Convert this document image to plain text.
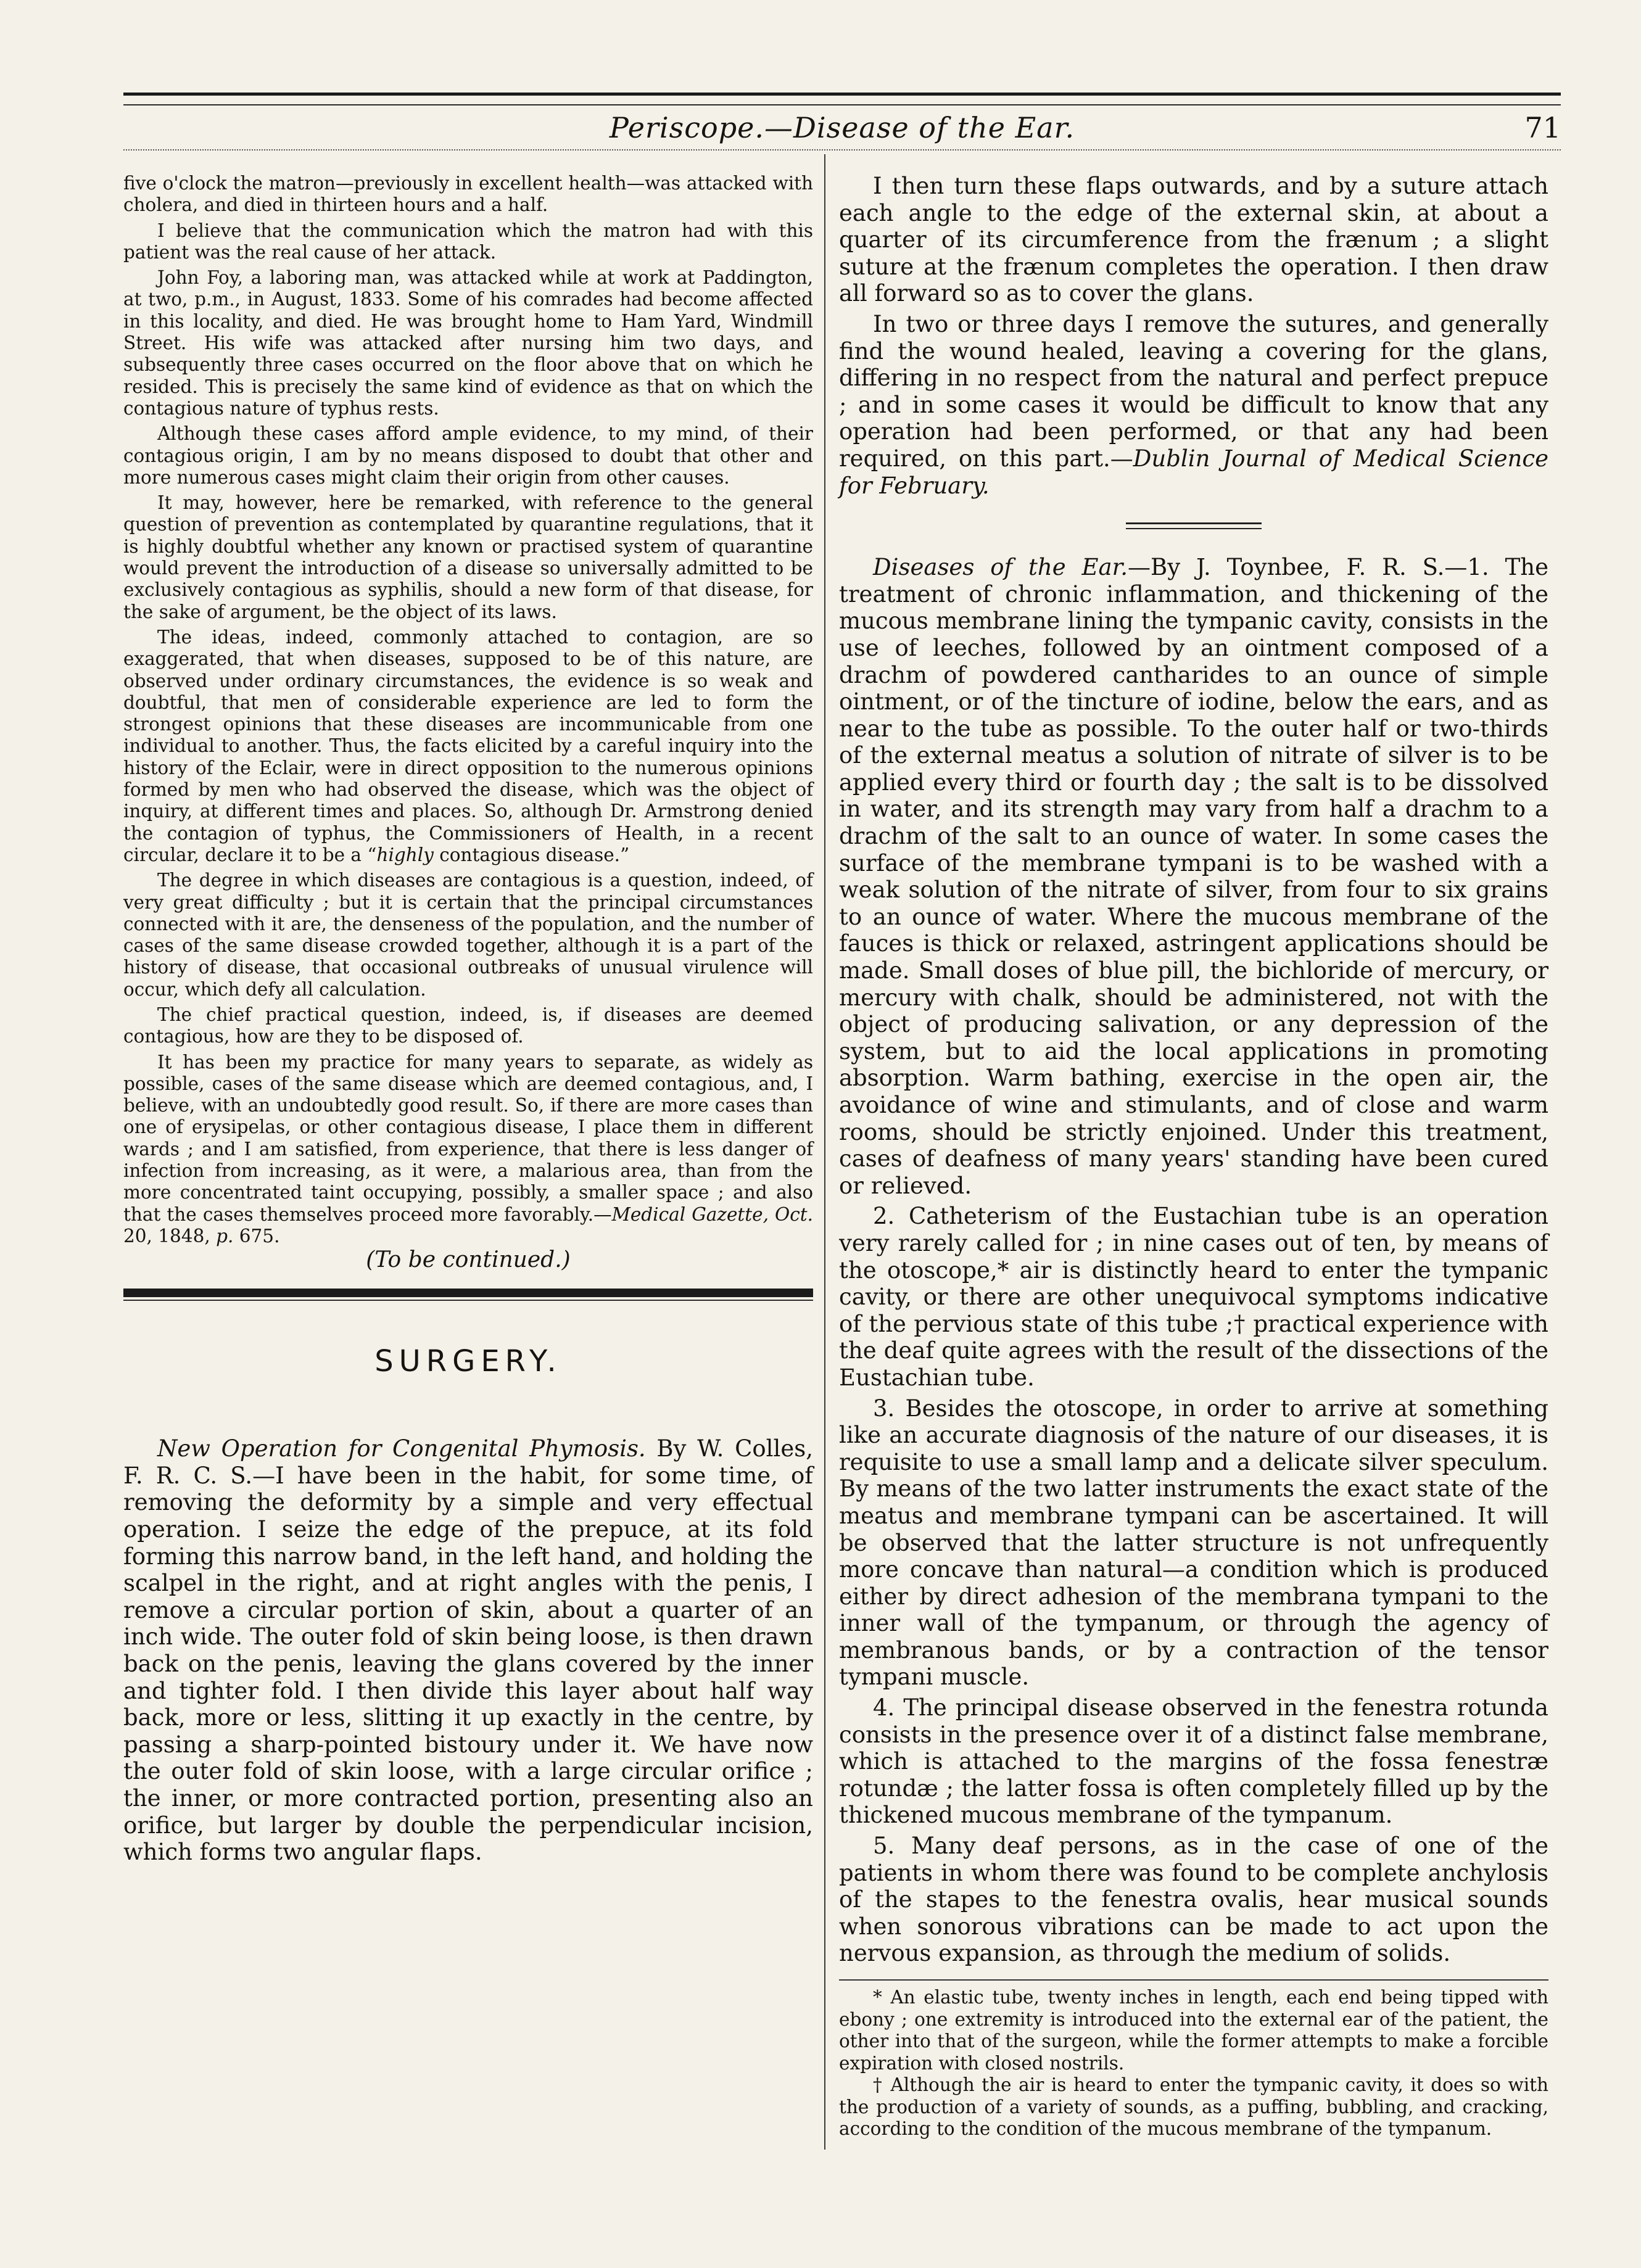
Periscope.—Disease of the Ear.	71

five o'clock the matron—previously in excellent health—was attacked with cholera, and died in thirteen hours and a half.

I believe that the communication which the matron had with this patient was the real cause of her attack.

John Foy, a laboring man, was attacked while at work at Paddington, at two, p.m., in August, 1833. Some of his comrades had become affected in this locality, and died. He was brought home to Ham Yard, Windmill Street. His wife was attacked after nursing him two days, and subsequently three cases occurred on the floor above that on which he resided. This is precisely the same kind of evidence as that on which the contagious nature of typhus rests.

Although these cases afford ample evidence, to my mind, of their contagious origin, I am by no means disposed to doubt that other and more numerous cases might claim their origin from other causes.

It may, however, here be remarked, with reference to the general question of prevention as contemplated by quarantine regulations, that it is highly doubtful whether any known or practised system of quarantine would prevent the introduction of a disease so universally admitted to be exclusively contagious as syphilis, should a new form of that disease, for the sake of argument, be the object of its laws.

The ideas, indeed, commonly attached to contagion, are so exaggerated, that when diseases, supposed to be of this nature, are observed under ordinary circumstances, the evidence is so weak and doubtful, that men of considerable experience are led to form the strongest opinions that these diseases are incommunicable from one individual to another. Thus, the facts elicited by a careful inquiry into the history of the Eclair, were in direct opposition to the numerous opinions formed by men who had observed the disease, which was the object of inquiry, at different times and places. So, although Dr. Armstrong denied the contagion of typhus, the Commissioners of Health, in a recent circular, declare it to be a “highly contagious disease.”

The degree in which diseases are contagious is a question, indeed, of very great difficulty ; but it is certain that the principal circumstances connected with it are, the denseness of the population, and the number of cases of the same disease crowded together, although it is a part of the history of disease, that occasional outbreaks of unusual virulence will occur, which defy all calculation.

The chief practical question, indeed, is, if diseases are deemed contagious, how are they to be disposed of.

It has been my practice for many years to separate, as widely as possible, cases of the same disease which are deemed contagious, and, I believe, with an undoubtedly good result. So, if there are more cases than one of erysipelas, or other contagious disease, I place them in different wards ; and I am satisfied, from experience, that there is less danger of infection from increasing, as it were, a malarious area, than from the more concentrated taint occupying, possibly, a smaller space ; and also that the cases themselves proceed more favorably.—Medical Gazette, Oct. 20, 1848, p. 675.

(To be continued.)

SURGERY.

New Operation for Congenital Phymosis. By W. Colles, F. R. C. S.—I have been in the habit, for some time, of removing the deformity by a simple and very effectual operation. I seize the edge of the prepuce, at its fold forming this narrow band, in the left hand, and holding the scalpel in the right, and at right angles with the penis, I remove a circular portion of skin, about a quarter of an inch wide. The outer fold of skin being loose, is then drawn back on the penis, leaving the glans covered by the inner and tighter fold. I then divide this layer about half way back, more or less, slitting it up exactly in the centre, by passing a sharp-pointed bistoury under it. We have now the outer fold of skin loose, with a large circular orifice ; the inner, or more contracted portion, presenting also an orifice, but larger by double the perpendicular incision, which forms two angular flaps.

I then turn these flaps outwards, and by a suture attach each angle to the edge of the external skin, at about a quarter of its circumference from the frænum ; a slight suture at the frænum completes the operation. I then draw all forward so as to cover the glans.

In two or three days I remove the sutures, and generally find the wound healed, leaving a covering for the glans, differing in no respect from the natural and perfect prepuce ; and in some cases it would be difficult to know that any operation had been performed, or that any had been required, on this part.—Dublin Journal of Medical Science for February.

Diseases of the Ear.—By J. Toynbee, F. R. S.—1. The treatment of chronic inflammation, and thickening of the mucous membrane lining the tympanic cavity, consists in the use of leeches, followed by an ointment composed of a drachm of powdered cantharides to an ounce of simple ointment, or of the tincture of iodine, below the ears, and as near to the tube as possible. To the outer half or two-thirds of the external meatus a solution of nitrate of silver is to be applied every third or fourth day ; the salt is to be dissolved in water, and its strength may vary from half a drachm to a drachm of the salt to an ounce of water. In some cases the surface of the membrane tympani is to be washed with a weak solution of the nitrate of silver, from four to six grains to an ounce of water. Where the mucous membrane of the fauces is thick or relaxed, astringent applications should be made. Small doses of blue pill, the bichloride of mercury, or mercury with chalk, should be administered, not with the object of producing salivation, or any depression of the system, but to aid the local applications in promoting absorption. Warm bathing, exercise in the open air, the avoidance of wine and stimulants, and of close and warm rooms, should be strictly enjoined. Under this treatment, cases of deafness of many years' standing have been cured or relieved.

2. Catheterism of the Eustachian tube is an operation very rarely called for ; in nine cases out of ten, by means of the otoscope,* air is distinctly heard to enter the tympanic cavity, or there are other unequivocal symptoms indicative of the pervious state of this tube ;† practical experience with the deaf quite agrees with the result of the dissections of the Eustachian tube.

3. Besides the otoscope, in order to arrive at something like an accurate diagnosis of the nature of our diseases, it is requisite to use a small lamp and a delicate silver speculum. By means of the two latter instruments the exact state of the meatus and membrane tympani can be ascertained. It will be observed that the latter structure is not unfrequently more concave than natural—a condition which is produced either by direct adhesion of the membrana tympani to the inner wall of the tympanum, or through the agency of membranous bands, or by a contraction of the tensor tympani muscle.

4. The principal disease observed in the fenestra rotunda consists in the presence over it of a distinct false membrane, which is attached to the margins of the fossa fenestræ rotundæ ; the latter fossa is often completely filled up by the thickened mucous membrane of the tympanum.

5. Many deaf persons, as in the case of one of the patients in whom there was found to be complete anchylosis of the stapes to the fenestra ovalis, hear musical sounds when sonorous vibrations can be made to act upon the nervous expansion, as through the medium of solids.

* An elastic tube, twenty inches in length, each end being tipped with ebony ; one extremity is introduced into the external ear of the patient, the other into that of the surgeon, while the former attempts to make a forcible expiration with closed nostrils.

† Although the air is heard to enter the tympanic cavity, it does so with the production of a variety of sounds, as a puffing, bubbling, and cracking, according to the condition of the mucous membrane of the tympanum.
